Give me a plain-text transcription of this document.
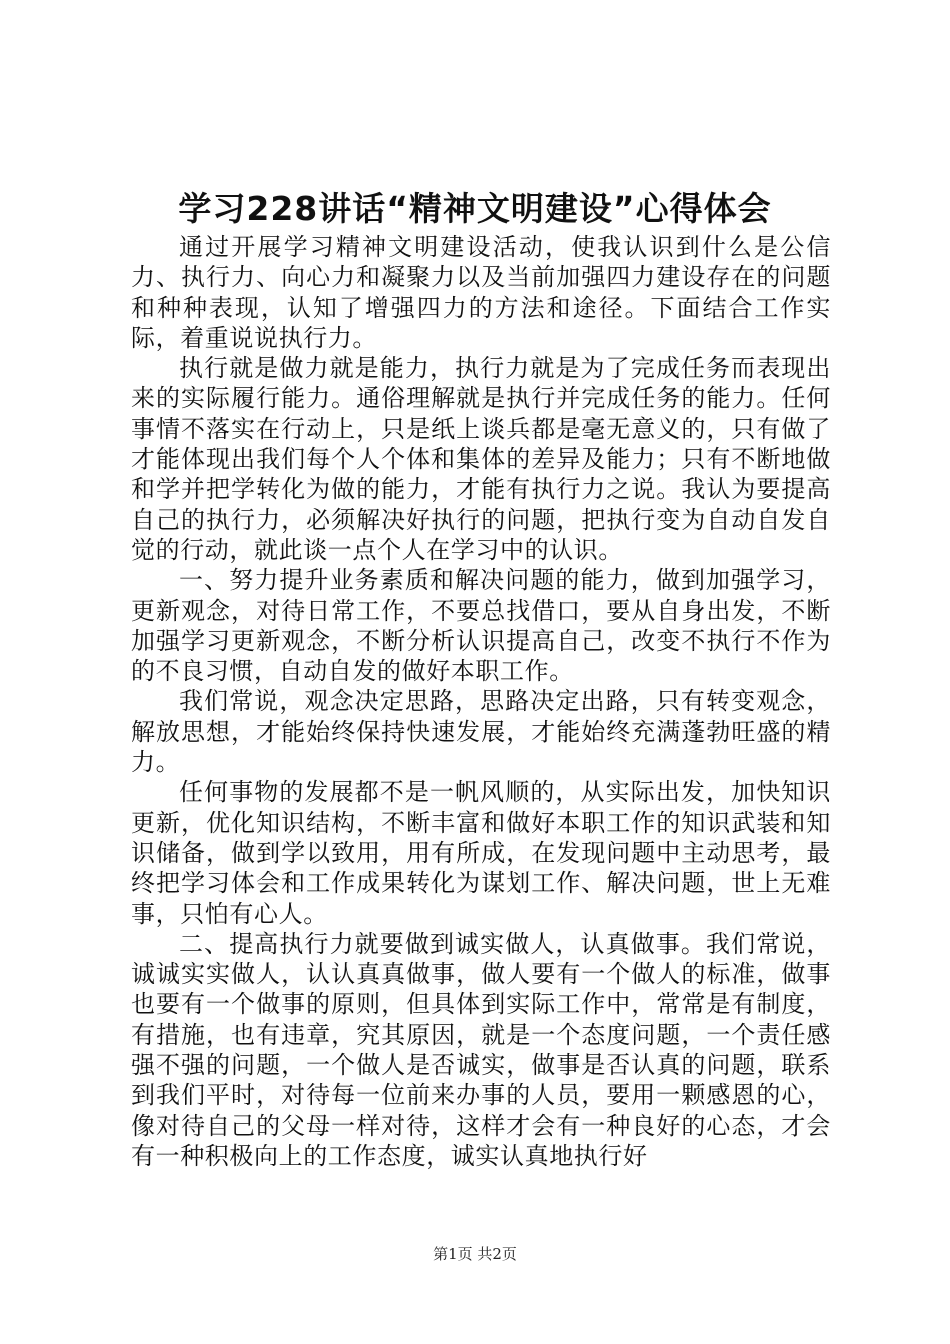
学习228讲话“精神文明建设”心得体会

通过开展学习精神文明建设活动，使我认识到什么是公信力、执行力、向心力和凝聚力以及当前加强四力建设存在的问题和种种表现，认知了增强四力的方法和途径。下面结合工作实际，着重说说执行力。

执行就是做力就是能力，执行力就是为了完成任务而表现出来的实际履行能力。通俗理解就是执行并完成任务的能力。任何事情不落实在行动上，只是纸上谈兵都是毫无意义的，只有做了才能体现出我们每个人个体和集体的差异及能力；只有不断地做和学并把学转化为做的能力，才能有执行力之说。我认为要提高自己的执行力，必须解决好执行的问题，把执行变为自动自发自觉的行动，就此谈一点个人在学习中的认识。

一、努力提升业务素质和解决问题的能力，做到加强学习，更新观念，对待日常工作，不要总找借口，要从自身出发，不断加强学习更新观念，不断分析认识提高自己，改变不执行不作为的不良习惯，自动自发的做好本职工作。

我们常说，观念决定思路，思路决定出路，只有转变观念，解放思想，才能始终保持快速发展，才能始终充满蓬勃旺盛的精力。

任何事物的发展都不是一帆风顺的，从实际出发，加快知识更新，优化知识结构，不断丰富和做好本职工作的知识武装和知识储备，做到学以致用，用有所成，在发现问题中主动思考，最终把学习体会和工作成果转化为谋划工作、解决问题，世上无难事，只怕有心人。

二、提高执行力就要做到诚实做人，认真做事。我们常说，诚诚实实做人，认认真真做事，做人要有一个做人的标准，做事也要有一个做事的原则，但具体到实际工作中，常常是有制度，有措施，也有违章，究其原因，就是一个态度问题，一个责任感强不强的问题，一个做人是否诚实，做事是否认真的问题，联系到我们平时，对待每一位前来办事的人员，要用一颗感恩的心，像对待自己的父母一样对待，这样才会有一种良好的心态，才会有一种积极向上的工作态度，诚实认真地执行好

第1页 共2页
